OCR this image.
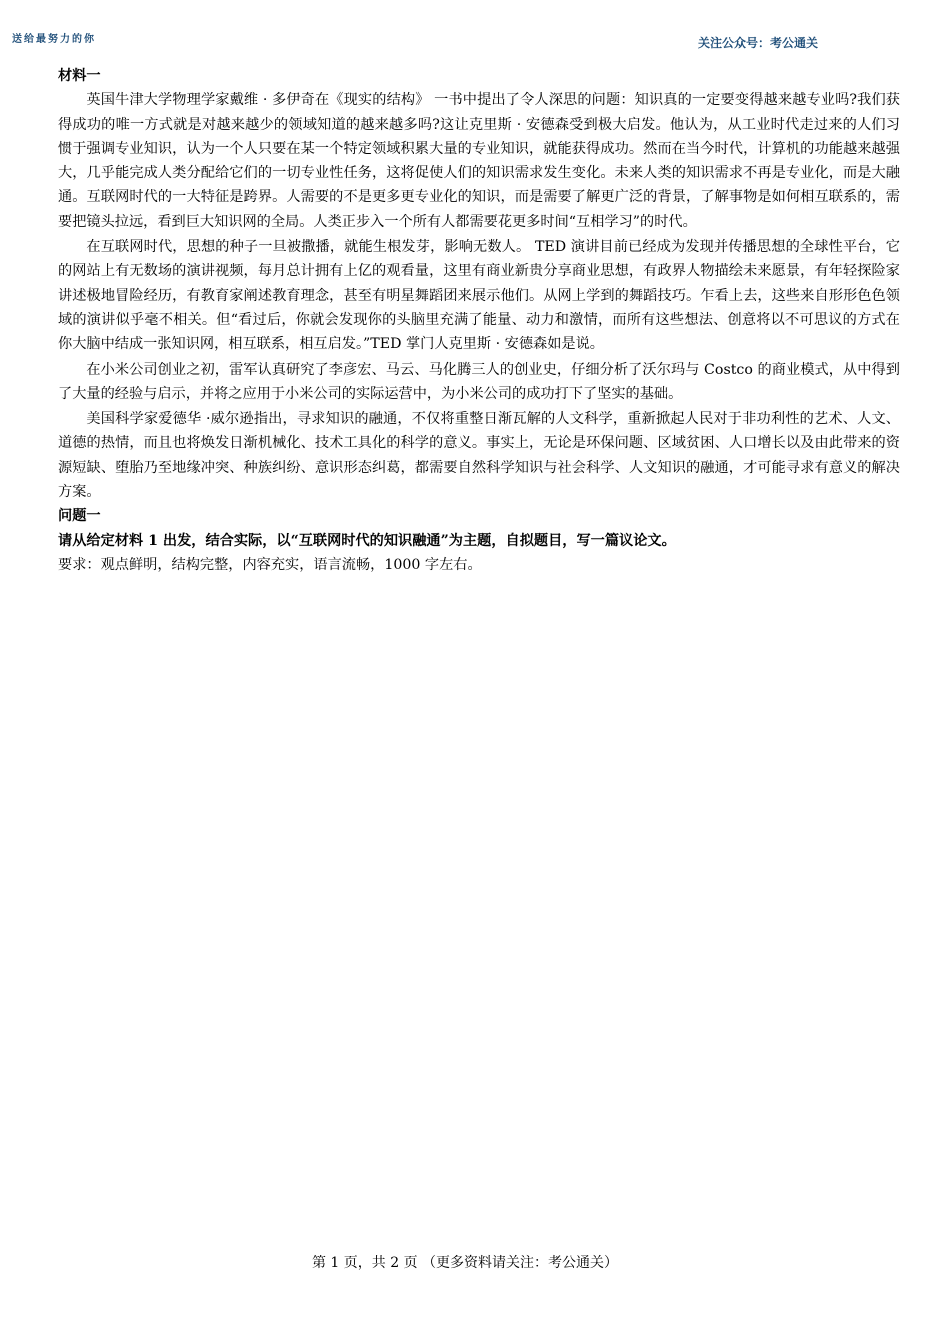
送给最努力的你	关注公众号：考公通关

材料一

英国牛津大学物理学家戴维 · 多伊奇在《现实的结构》 一书中提出了令人深思的问题：知识真的一定要变得越来越专业吗?我们获得成功的唯一方式就是对越来越少的领域知道的越来越多吗?这让克里斯 · 安德森受到极大启发。他认为，从工业时代走过来的人们习惯于强调专业知识，认为一个人只要在某一个特定领域积累大量的专业知识，就能获得成功。然而在当今时代，计算机的功能越来越强大，几乎能完成人类分配给它们的一切专业性任务，这将促使人们的知识需求发生变化。未来人类的知识需求不再是专业化，而是大融通。互联网时代的一大特征是跨界。人需要的不是更多更专业化的知识，而是需要了解更广泛的背景，了解事物是如何相互联系的，需要把镜头拉远，看到巨大知识网的全局。人类正步入一个所有人都需要花更多时间“互相学习”的时代。

在互联网时代，思想的种子一旦被撒播，就能生根发芽，影响无数人。 TED 演讲目前已经成为发现并传播思想的全球性平台，它的网站上有无数场的演讲视频，每月总计拥有上亿的观看量，这里有商业新贵分享商业思想，有政界人物描绘未来愿景，有年轻探险家讲述极地冒险经历，有教育家阐述教育理念，甚至有明星舞蹈团来展示他们。从网上学到的舞蹈技巧。乍看上去，这些来自形形色色领域的演讲似乎毫不相关。但“看过后，你就会发现你的头脑里充满了能量、动力和激情，而所有这些想法、创意将以不可思议的方式在你大脑中结成一张知识网，相互联系，相互启发。”TED 掌门人克里斯 · 安德森如是说。

在小米公司创业之初，雷军认真研究了李彦宏、马云、马化腾三人的创业史，仔细分析了沃尔玛与 Costco 的商业模式，从中得到了大量的经验与启示，并将之应用于小米公司的实际运营中，为小米公司的成功打下了坚实的基础。

美国科学家爱德华 ·威尔逊指出，寻求知识的融通，不仅将重整日渐瓦解的人文科学，重新掀起人民对于非功利性的艺术、人文、道德的热情，而且也将焕发日渐机械化、技术工具化的科学的意义。事实上，无论是环保问题、区域贫困、人口增长以及由此带来的资源短缺、堕胎乃至地缘冲突、种族纠纷、意识形态纠葛，都需要自然科学知识与社会科学、人文知识的融通，才可能寻求有意义的解决方案。

问题一

请从给定材料 1 出发，结合实际，以“互联网时代的知识融通”为主题，自拟题目，写一篇议论文。

要求：观点鲜明，结构完整，内容充实，语言流畅，1000 字左右。

第 1 页，共 2 页 （更多资料请关注：考公通关）
